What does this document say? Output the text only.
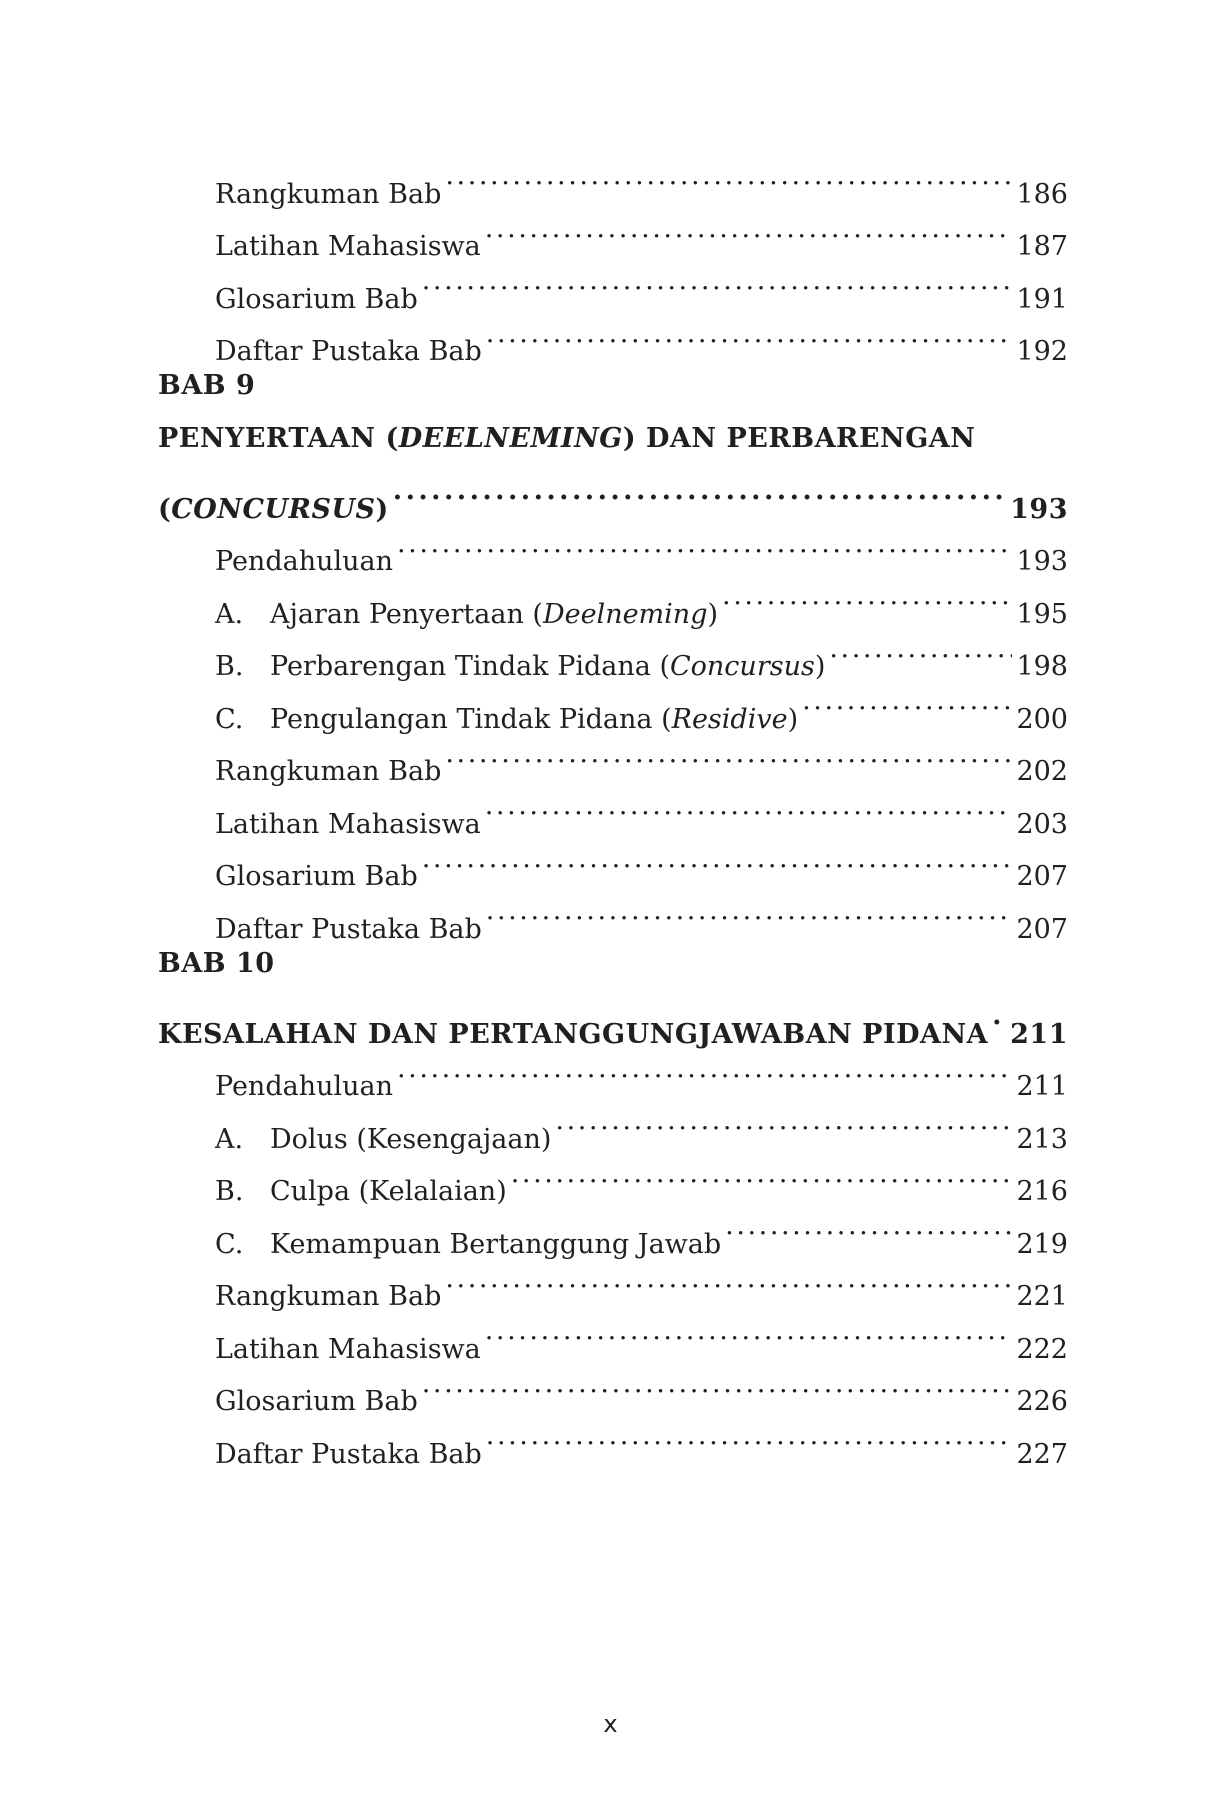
Rangkuman Bab . . .	186
Latihan Mahasiswa . . .	187
Glosarium Bab . . .	191
Daftar Pustaka Bab . . .	192
BAB 9
PENYERTAAN (DEELNEMING) DAN PERBARENGAN
(CONCURSUS) . . .	193
Pendahuluan . . .	193
A. Ajaran Penyertaan (Deelneming) . . .	195
B. Perbarengan Tindak Pidana (Concursus) . . .	198
C. Pengulangan Tindak Pidana (Residive) . . .	200
Rangkuman Bab . . .	202
Latihan Mahasiswa . . .	203
Glosarium Bab . . .	207
Daftar Pustaka Bab . . .	207
BAB 10
KESALAHAN DAN PERTANGGUNGJAWABAN PIDANA . . . 211
Pendahuluan . . .	211
A. Dolus (Kesengajaan) . . .	213
B. Culpa (Kelalaian) . . .	216
C. Kemampuan Bertanggung Jawab . . .	219
Rangkuman Bab . . .	221
Latihan Mahasiswa . . .	222
Glosarium Bab . . .	226
Daftar Pustaka Bab . . .	227
x
